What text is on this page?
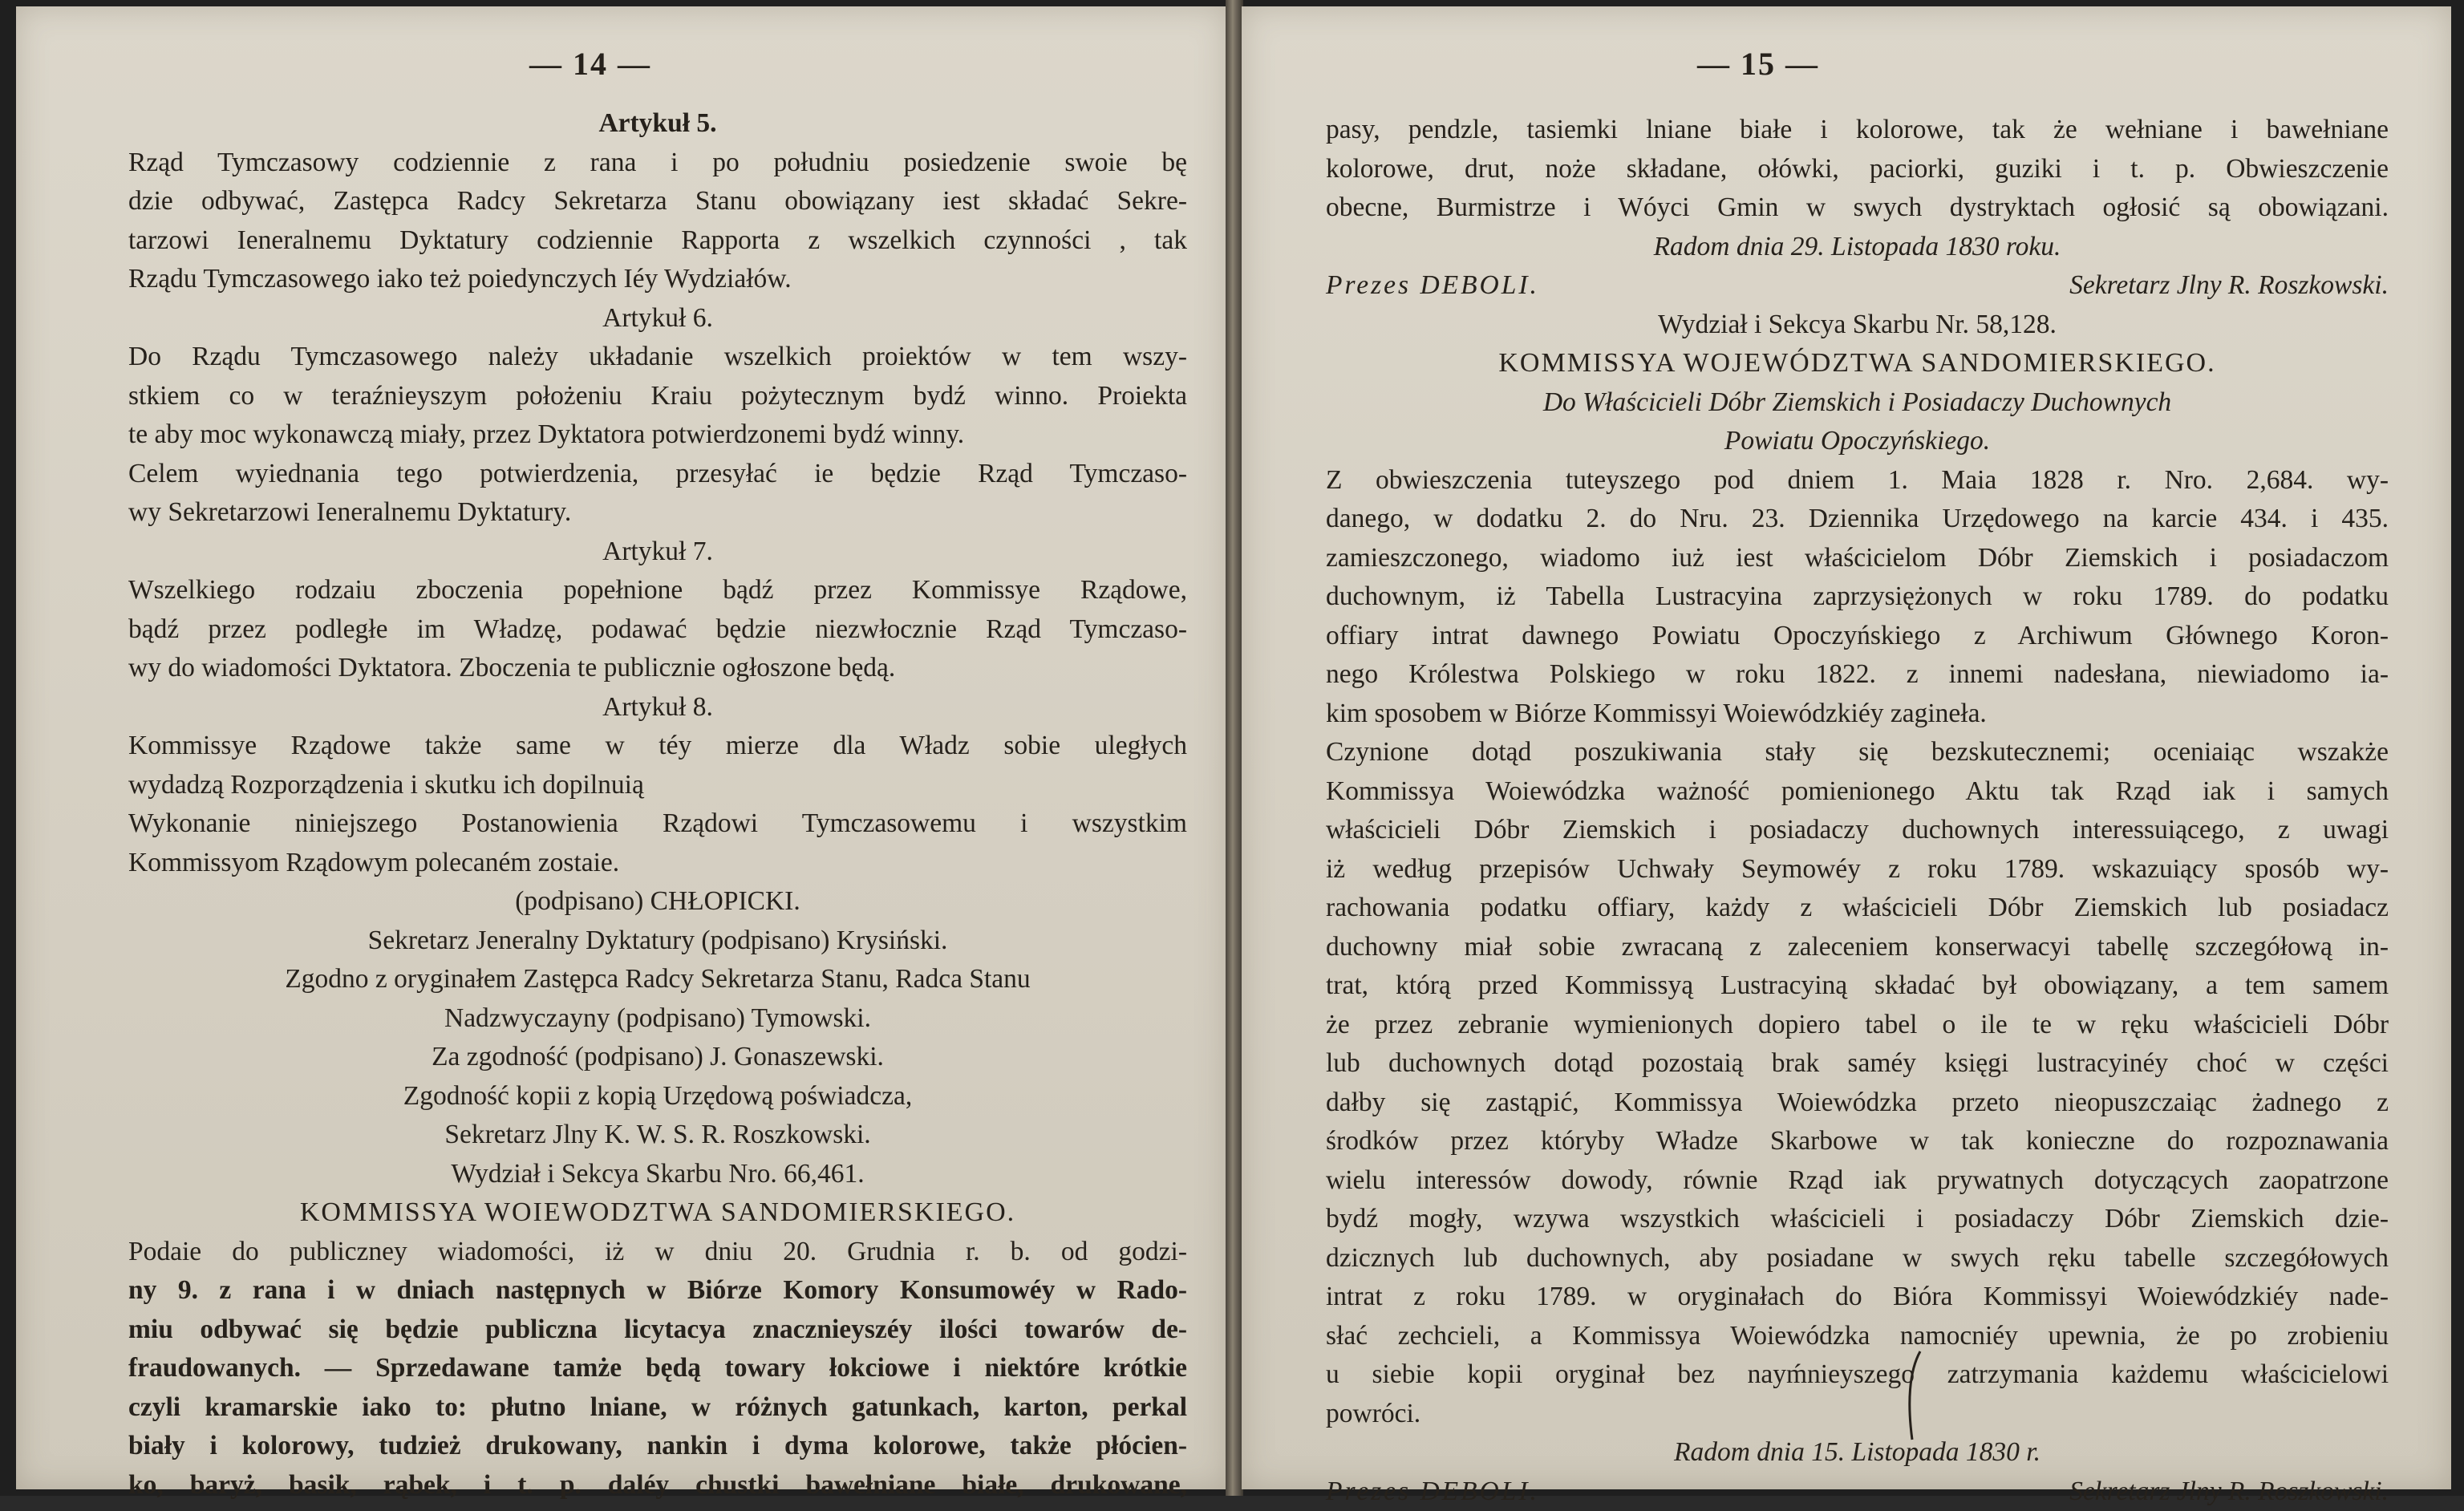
— 14 —
Artykuł 5.
Rząd Tymczasowy codziennie z rana i po południu posiedzenie swoie bę
dzie odbywać, Zastępca Radcy Sekretarza Stanu obowiązany iest składać Sekre-
tarzowi Ieneralnemu Dyktatury codziennie Rapporta z wszelkich czynności , tak
Rządu Tymczasowego iako też poiedynczych Iéy Wydziałów.
Artykuł 6.
Do Rządu Tymczasowego należy układanie wszelkich proiektów w tem wszy-
stkiem co w teraźnieyszym położeniu Kraiu pożytecznym bydź winno. Proiekta
te aby moc wykonawczą miały, przez Dyktatora potwierdzonemi bydź winny.
Celem wyiednania tego potwierdzenia, przesyłać ie będzie Rząd Tymczaso-
wy Sekretarzowi Ieneralnemu Dyktatury.
Artykuł 7.
Wszelkiego rodzaiu zboczenia popełnione bądź przez Kommissye Rządowe,
bądź przez podległe im Władzę, podawać będzie niezwłocznie Rząd Tymczaso-
wy do wiadomości Dyktatora. Zboczenia te publicznie ogłoszone będą.
Artykuł 8.
Kommissye Rządowe także same w téy mierze dla Władz sobie uległych
wydadzą Rozporządzenia i skutku ich dopilnuią
Wykonanie niniejszego Postanowienia Rządowi Tymczasowemu i wszystkim
Kommissyom Rządowym polecaném zostaie.
(podpisano) CHŁOPICKI.
Sekretarz Jeneralny Dyktatury (podpisano) Krysiński.
Zgodno z oryginałem Zastępca Radcy Sekretarza Stanu, Radca Stanu
Nadzwyczayny (podpisano) Tymowski.
Za zgodność (podpisano) J. Gonaszewski.
Zgodność kopii z kopią Urzędową poświadcza,
Sekretarz Jlny K. W. S. R. Roszkowski.
Wydział i Sekcya Skarbu Nro. 66,461.
KOMMISSYA WOIEWODZTWA SANDOMIERSKIEGO.
Podaie do publiczney wiadomości, iż w dniu 20. Grudnia r. b. od godzi-
ny 9. z rana i w dniach następnych w Biórze Komory Konsumowéy w Rado-
miu odbywać się będzie publiczna licytacya znacznieyszéy ilości towarów de-
fraudowanych. — Sprzedawane tamże będą towary łokciowe i niektóre krótkie
czyli kramarskie iako to: płutno lniane, w różnych gatunkach, karton, perkal
biały i kolorowy, tudzież drukowany, nankin i dyma kolorowe, także płócien-
ko, baryż, basik, rąbek, i t. p. daléy chustki bawełniane białe, drukowane,
— 15 —
pasy, pendzle, tasiemki lniane białe i kolorowe, tak że wełniane i bawełniane
kolorowe, drut, noże składane, ołówki, paciorki, guziki i t. p. Obwieszczenie
obecne, Burmistrze i Wóyci Gmin w swych dystryktach ogłosić są obowiązani.
Radom dnia 29. Listopada 1830 roku.
Prezes DEBOLI.	Sekretarz Jlny R. Roszkowski.
Wydział i Sekcya Skarbu Nr. 58,128.
KOMMISSYA WOJEWÓDZTWA SANDOMIERSKIEGO.
Do Właścicieli Dóbr Ziemskich i Posiadaczy Duchownych
Powiatu Opoczyńskiego.
Z obwieszczenia tuteyszego pod dniem 1. Maia 1828 r. Nro. 2,684. wy-
danego, w dodatku 2. do Nru. 23. Dziennika Urzędowego na karcie 434. i 435.
zamieszczonego, wiadomo iuż iest właścicielom Dóbr Ziemskich i posiadaczom
duchownym, iż Tabella Lustracyina zaprzysiężonych w roku 1789. do podatku
offiary intrat dawnego Powiatu Opoczyńskiego z Archiwum Głównego Koron-
nego Królestwa Polskiego w roku 1822. z innemi nadesłana, niewiadomo ia-
kim sposobem w Biórze Kommissyi Woiewódzkiéy zagineła.
Czynione dotąd poszukiwania stały się bezskutecznemi; oceniaiąc wszakże
Kommissya Woiewódzka ważność pomienionego Aktu tak Rząd iak i samych
właścicieli Dóbr Ziemskich i posiadaczy duchownych interessuiącego, z uwagi
iż według przepisów Uchwały Seymowéy z roku 1789. wskazuiący sposób wy-
rachowania podatku offiary, każdy z właścicieli Dóbr Ziemskich lub posiadacz
duchowny miał sobie zwracaną z zaleceniem konserwacyi tabellę szczegółową in-
trat, którą przed Kommissyą Lustracyiną składać był obowiązany, a tem samem
że przez zebranie wymienionych dopiero tabel o ile te w ręku właścicieli Dóbr
lub duchownych dotąd pozostaią brak saméy księgi lustracyinéy choć w części
dałby się zastąpić, Kommissya Woiewódzka przeto nieopuszczaiąc żadnego z
środków przez któryby Władze Skarbowe w tak konieczne do rozpoznawania
wielu interessów dowody, równie Rząd iak prywatnych dotyczących zaopatrzone
bydź mogły, wzywa wszystkich właścicieli i posiadaczy Dóbr Ziemskich dzie-
dzicznych lub duchownych, aby posiadane w swych ręku tabelle szczegółowych
intrat z roku 1789. w oryginałach do Bióra Kommissyi Woiewódzkiéy nade-
słać zechcieli, a Kommissya Woiewódzka namocniéy upewnia, że po zrobieniu
u siebie kopii oryginał bez nayḿnieyszego zatrzymania każdemu właścicielowi
powróci.
Radom dnia 15. Listopada 1830 r.
Prezes DEBOLI.	Sekretarz Jlny R. Roszkowski.
